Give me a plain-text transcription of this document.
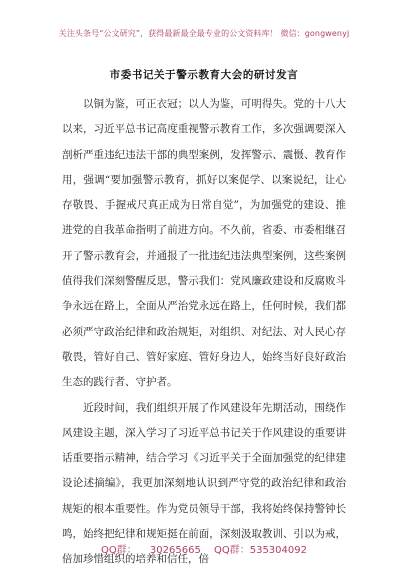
关注头条号“公文研究”，获得最新最全最专业的公文资料库！ 微信：gongwenyj
市委书记关于警示教育大会的研讨发言

以铜为鉴，可正衣冠；以人为鉴，可明得失。党的十八大以来，习近平总书记高度重视警示教育工作，多次强调要深入剖析严重违纪违法干部的典型案例，发挥警示、震慑、教育作用，强调“要加强警示教育，抓好以案促学、以案说纪，让心存敬畏、手握戒尺真正成为日常自觉”，为加强党的建设、推进党的自我革命指明了前进方向。不久前，省委、市委相继召开了警示教育会，并通报了一批违纪违法典型案例，这些案例值得我们深刻警醒反思，警示我们：党风廉政建设和反腐败斗争永远在路上，全面从严治党永远在路上，任何时候，我们都必须严守政治纪律和政治规矩，对组织、对纪法、对人民心存敬畏，管好自己、管好家庭、管好身边人，始终当好良好政治生态的践行者、守护者。

近段时间，我们组织开展了作风建设年先期活动，围绕作风建设主题，深入学习了习近平总书记关于作风建设的重要讲话重要指示精神，结合学习《习近平关于全面加强党的纪律建设论述摘编》，我更加深刻地认识到严守党的政治纪律和政治规矩的根本重要性。作为党员领导干部，我将始终保持警钟长鸣，始终把纪律和规矩挺在前面，深刻汲取教训、引以为戒，倍加珍惜组织的培养和信任，倍

QQ群： 30265665 QQ群：535304092
